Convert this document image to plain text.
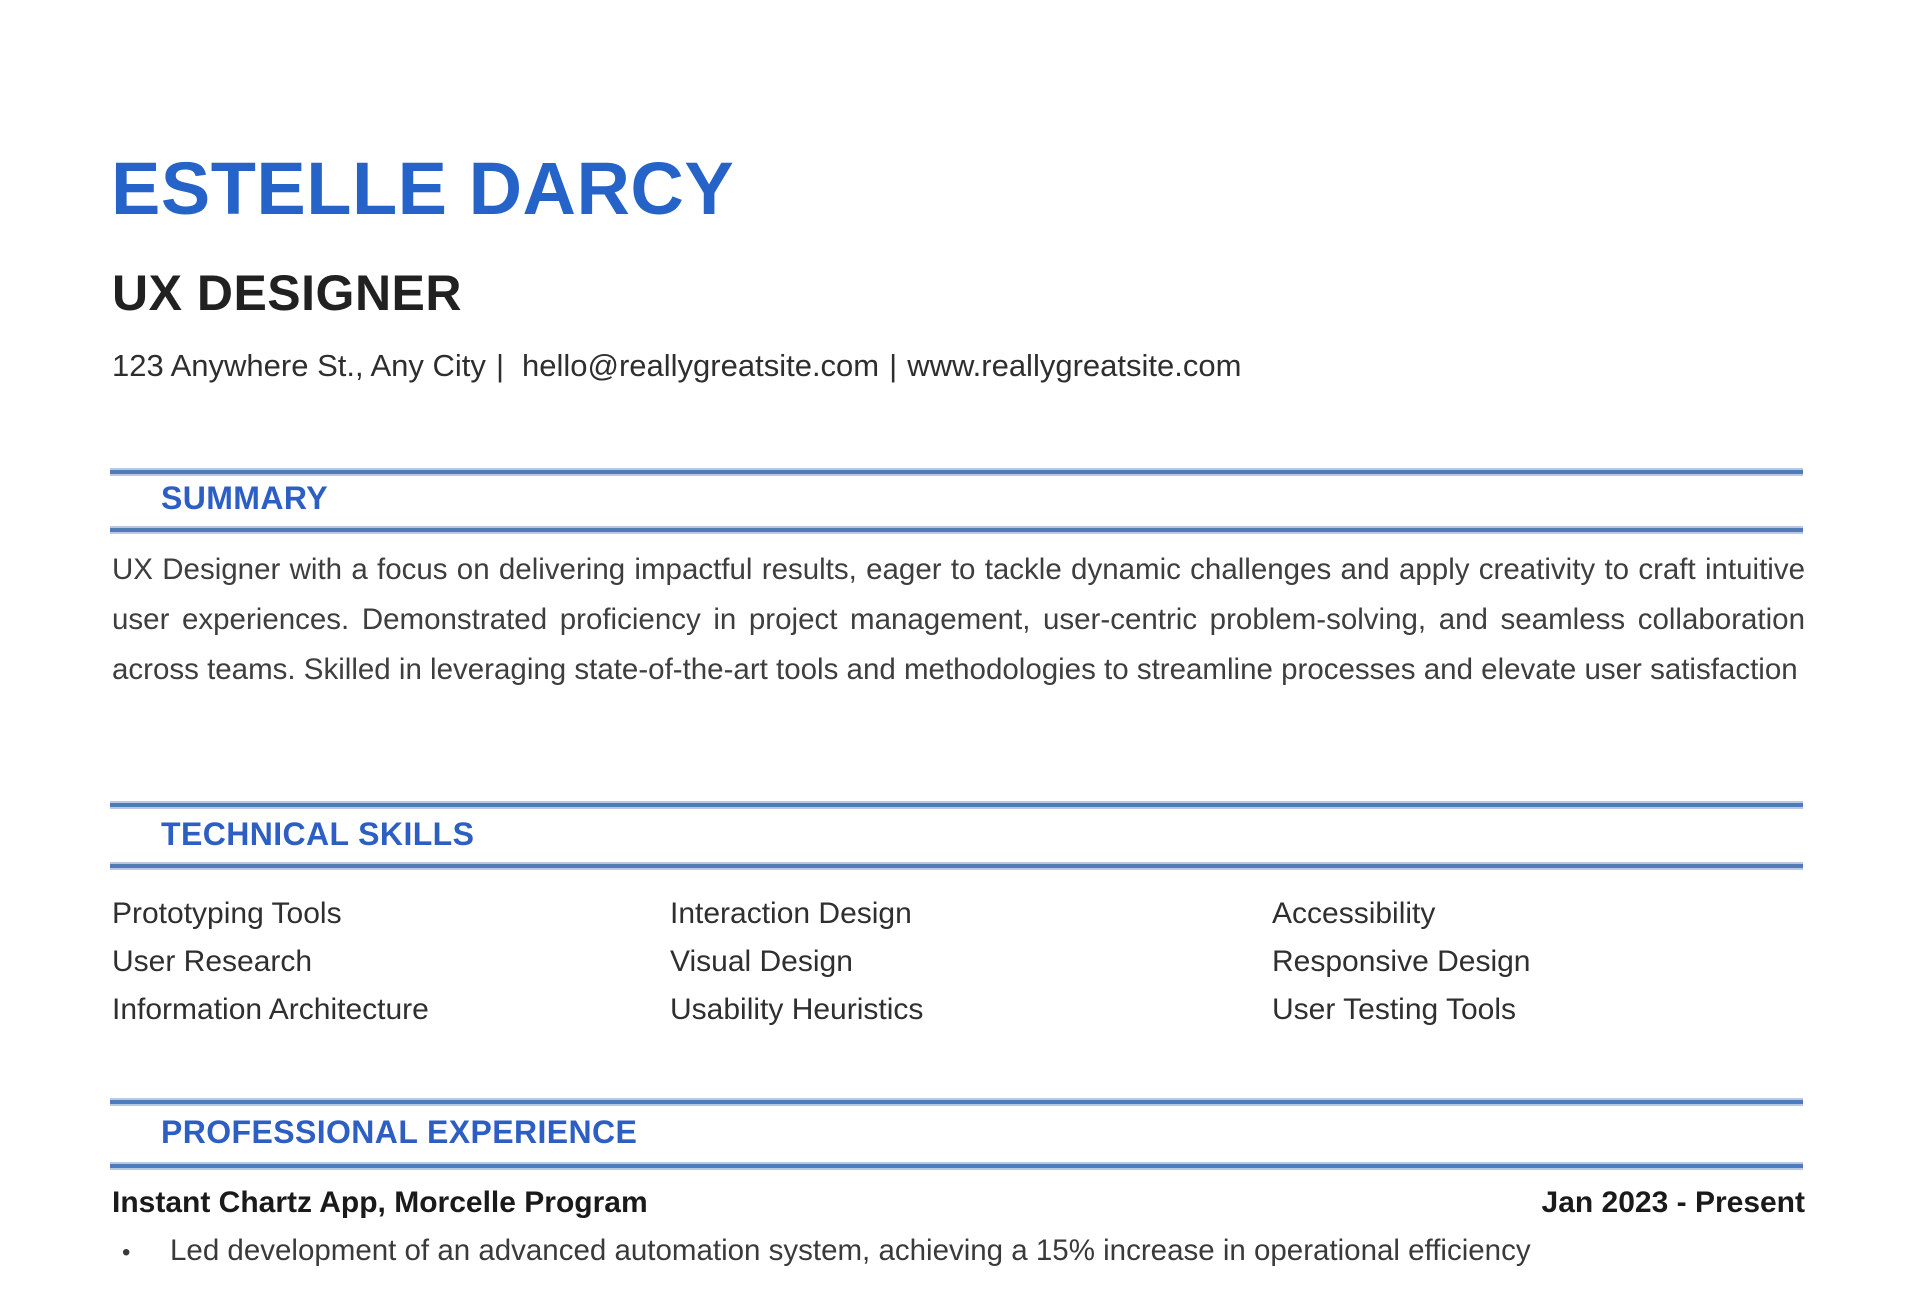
ESTELLE DARCY
UX DESIGNER
123 Anywhere St., Any City | hello@reallygreatsite.com | www.reallygreatsite.com
SUMMARY

UX Designer with a focus on delivering impactful results, eager to tackle dynamic challenges and apply creativity to craft intuitive user experiences. Demonstrated proficiency in project management, user-centric problem-solving, and seamless collaboration across teams. Skilled in leveraging state-of-the-art tools and methodologies to streamline processes and elevate user satisfaction

TECHNICAL SKILLS
Prototyping Tools
User Research
Information Architecture
Interaction Design
Visual Design
Usability Heuristics
Accessibility
Responsive Design
User Testing Tools
PROFESSIONAL EXPERIENCE
Instant Chartz App, Morcelle Program	Jan 2023 - Present
•	Led development of an advanced automation system, achieving a 15% increase in operational efficiency
